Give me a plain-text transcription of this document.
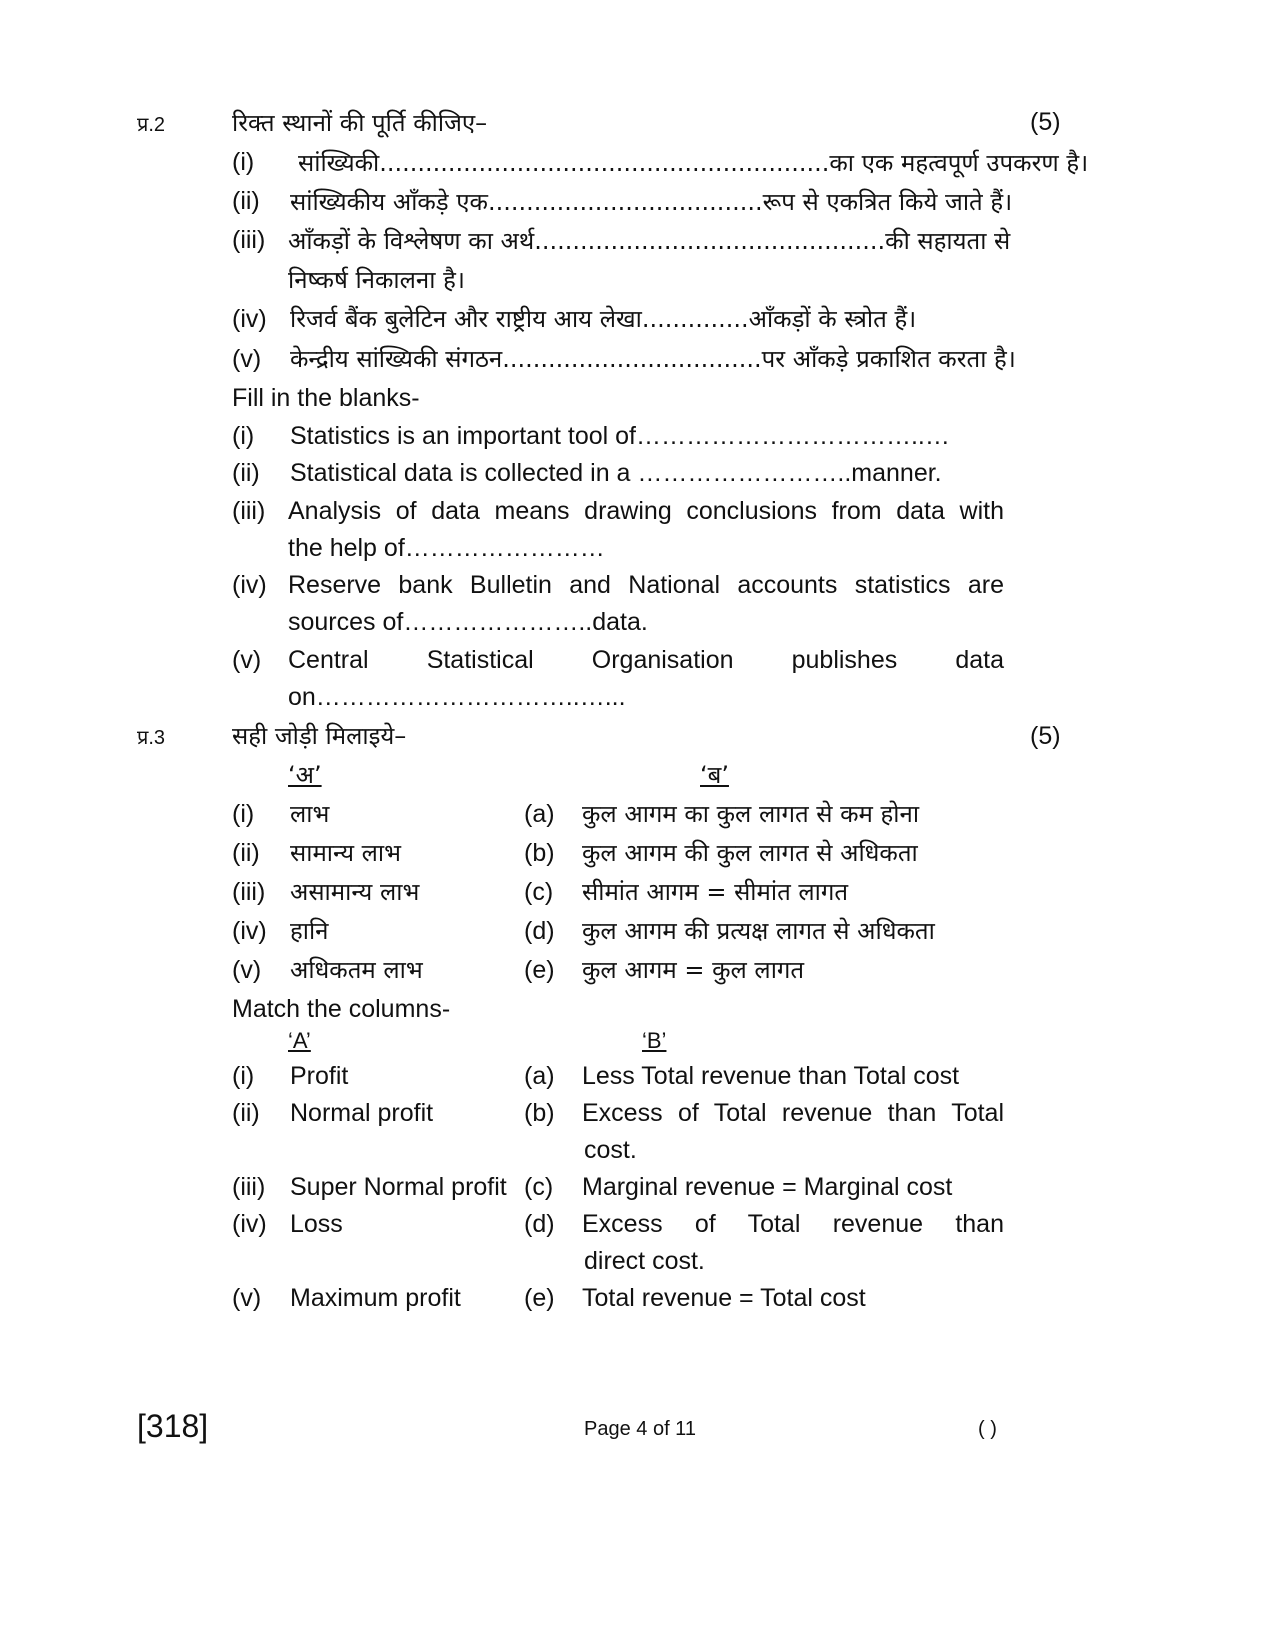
प्र.2	रिक्त स्थानों की पूर्ति कीजिए–	(5)
(i) सांख्यिकी...........................................................का एक महत्वपूर्ण उपकरण है।
(ii) सांख्यिकीय आँकड़े एक....................................रूप से एकत्रित किये जाते हैं।
(iii) आँकड़ों के विश्लेषण का अर्थ..............................................की सहायता से
निष्कर्ष निकालना है।
(iv) रिजर्व बैंक बुलेटिन और राष्ट्रीय आय लेखा..............आँकड़ों के स्त्रोत हैं।
(v) केन्द्रीय सांख्यिकी संगठन..................................पर आँकड़े प्रकाशित करता है।
Fill in the blanks-
(i) Statistics is an important tool of……………………………..…
(ii) Statistical data is collected in a ……………………..manner.
(iii) Analysis of data means drawing conclusions from data with
the help of……………………
(iv) Reserve bank Bulletin and National accounts statistics are
sources of…………………..data.
(v) Central Statistical Organisation publishes data
on…………………………..…...
प्र.3	सही जोड़ी मिलाइये–	(5)
‘अ’	‘ब’
(i) लाभ	(a) कुल आगम का कुल लागत से कम होना
(ii) सामान्य लाभ	(b) कुल आगम की कुल लागत से अधिकता
(iii) असामान्य लाभ	(c) सीमांत आगम = सीमांत लागत
(iv) हानि	(d) कुल आगम की प्रत्यक्ष लागत से अधिकता
(v) अधिकतम लाभ	(e) कुल आगम = कुल लागत
Match the columns-
‘A’	‘B’
(i) Profit	(a) Less Total revenue than Total cost
(ii) Normal profit	(b) Excess of Total revenue than Total
cost.
(iii) Super Normal profit (c) Marginal revenue = Marginal cost
(iv) Loss	(d) Excess of Total revenue than
direct cost.
(v) Maximum profit	(e) Total revenue = Total cost
[318]	Page 4 of 11	( )
